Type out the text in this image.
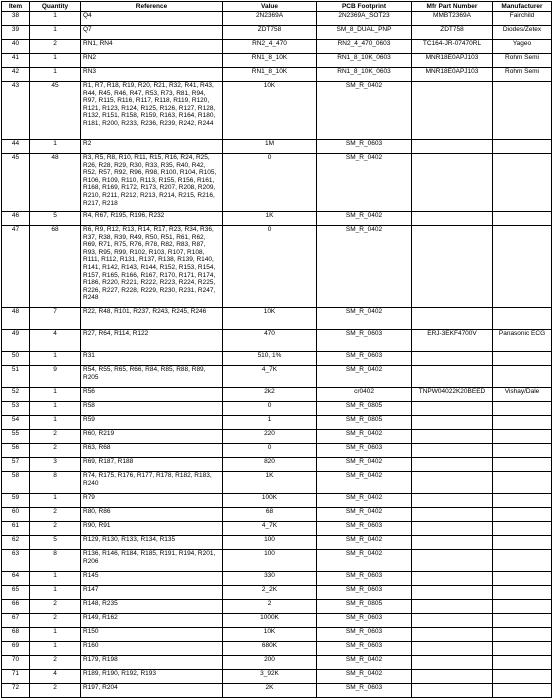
Item	Quantity	Reference	Value	PCB Footprint	Mfr Part Number	Manufacturer
38	1	Q4	2N2369A	2N2369A_SOT23	MMBT2369A	Fairchild
39	1	Q7	ZDT758	SM_8_DUAL_PNP	ZDT758	Diodes/Zetex
40	2	RN1, RN4	RN2_4_470	RN2_4_470_0603	TC164-JR-07470RL	Yageo
41	1	RN2	RN1_8_10K	RN1_8_10K_0603	MNR18E0APJ103	Rohm Semi
42	1	RN3	RN1_8_10K	RN1_8_10K_0603	MNR18E0APJ103	Rohm Semi
43	45	R1, R7, R18, R19, R20, R21, R32, R41, R43, R44, R45, R46, R47, R53, R73, R81, R94, R97, R115, R116, R117, R118, R119, R120, R121, R123, R124, R125, R126, R127, R128, R132, R151, R158, R159, R163, R164, R180, R181, R200, R233, R236, R239, R242, R244	10K	SM_R_0402		
44	1	R2	1M	SM_R_0603		
45	48	R3, R5, R8, R10, R11, R15, R16, R24, R25, R26, R28, R29, R30, R33, R35, R40, R42, R52, R57, R92, R96, R98, R100, R104, R105, R106, R109, R110, R113, R155, R156, R161, R168, R169, R172, R173, R207, R208, R209, R210, R211, R212, R213, R214, R215, R216, R217, R218	0	SM_R_0402		
46	5	R4, R67, R195, R196, R232	1K	SM_R_0402		
47	68	R6, R9, R12, R13, R14, R17, R23, R34, R36, R37, R38, R39, R49, R50, R51, R61, R62, R69, R71, R75, R76, R78, R82, R83, R87, R93, R95, R99, R102, R103, R107, R108, R111, R112, R131, R137, R138, R139, R140, R141, R142, R143, R144, R152, R153, R154, R157, R165, R166, R167, R170, R171, R174, R186, R220, R221, R222, R223, R224, R225, R226, R227, R228, R229, R230, R231, R247, R248	0	SM_R_0402		
48	7	R22, R48, R101, R237, R243, R245, R246	10K	SM_R_0402		
49	4	R27, R64, R114, R122	470	SM_R_0603	ERJ-3EKF4700V	Panasonic ECG
50	1	R31	510, 1%	SM_R_0603		
51	9	R54, R55, R65, R66, R84, R85, R88, R89, R205	4_7K	SM_R_0402		
52	1	R56	2k2	cr0402	TNPW04022K20BEED	Vishay/Dale
53	1	R58	0	SM_R_0805		
54	1	R59	1	SM_R_0805		
55	2	R60, R219	220	SM_R_0402		
56	2	R63, R68	0	SM_R_0603		
57	3	R69, R187, R188	820	SM_R_0402		
58	8	R74, R175, R176, R177, R178, R182, R183, R240	1K	SM_R_0402		
59	1	R79	100K	SM_R_0402		
60	2	R80, R86	68	SM_R_0402		
61	2	R90, R91	4_7K	SM_R_0603		
62	5	R129, R130, R133, R134, R135	100	SM_R_0402		
63	8	R136, R146, R184, R185, R191, R194, R201, R206	100	SM_R_0402		
64	1	R145	330	SM_R_0603		
65	1	R147	2_2K	SM_R_0603		
66	2	R148, R235	2	SM_R_0805		
67	2	R149, R162	1000K	SM_R_0603		
68	1	R150	10K	SM_R_0603		
69	1	R160	680K	SM_R_0603		
70	2	R179, R198	200	SM_R_0402		
71	4	R189, R190, R192, R193	3_92K	SM_R_0402		
72	2	R197, R204	2K	SM_R_0603		
